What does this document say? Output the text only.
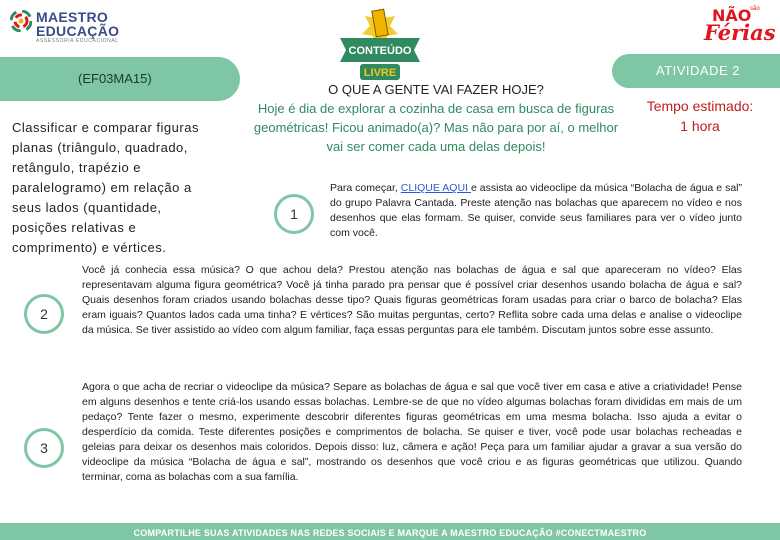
MAESTRO
EDUCAÇÃO
ASSESSORIA EDUCACIONAL
CONTEÚDO
LIVRE
NÃO
são
Férias
(EF03MA15)

Classificar e comparar figuras planas (triângulo, quadrado, retângulo, trapézio e paralelogramo) em relação a seus lados (quantidade, posições relativas e comprimento) e vértices.

ATIVIDADE 2
Tempo estimado:
1 hora
O QUE A GENTE VAI FAZER HOJE?
Hoje é dia de explorar a cozinha de casa em busca de figuras geométricas! Ficou animado(a)? Mas não para por aí, o melhor vai ser comer cada uma delas depois!
1

Para começar, CLIQUE AQUI e assista ao videoclipe da música “Bolacha de água e sal” do grupo Palavra Cantada. Preste atenção nas bolachas que aparecem no vídeo e nos desenhos que elas formam. Se quiser, convide seus familiares para ver o vídeo junto com você.

2

Você já conhecia essa música? O que achou dela? Prestou atenção nas bolachas de água e sal que apareceram no vídeo? Elas representavam alguma figura geométrica? Você já tinha parado pra pensar que é possível criar desenhos usando bolacha de água e sal? Quais desenhos foram criados usando bolachas desse tipo? Quais figuras geométricas foram usadas para criar o barco de bolacha? Elas eram iguais? Quantos lados cada uma tinha? E vértices? São muitas perguntas, certo? Reflita sobre cada uma delas e analise o videoclipe da música. Se tiver assistido ao vídeo com algum familiar, faça essas perguntas para ele também. Discutam juntos sobre esse assunto.

3

Agora o que acha de recriar o videoclipe da música? Separe as bolachas de água e sal que você tiver em casa e ative a criatividade! Pense em alguns desenhos e tente criá-los usando essas bolachas. Lembre-se de que no vídeo algumas bolachas foram divididas em mais de um pedaço? Tente fazer o mesmo, experimente descobrir diferentes figuras geométricas em uma mesma bolacha. Isso ajuda a evitar o desperdício da comida. Teste diferentes posições e comprimentos de bolacha. Se quiser e tiver, você pode usar bolachas recheadas e geleias para deixar os desenhos mais coloridos. Depois disso: luz, câmera e ação! Peça para um familiar ajudar a gravar a sua versão do videoclipe da música “Bolacha de água e sal”, mostrando os desenhos que você criou e as figuras geométricas que utilizou. Quando terminar, coma as bolachas com a sua família.

COMPARTILHE SUAS ATIVIDADES NAS REDES SOCIAIS E MARQUE A MAESTRO EDUCAÇÃO #CONECTMAESTRO
